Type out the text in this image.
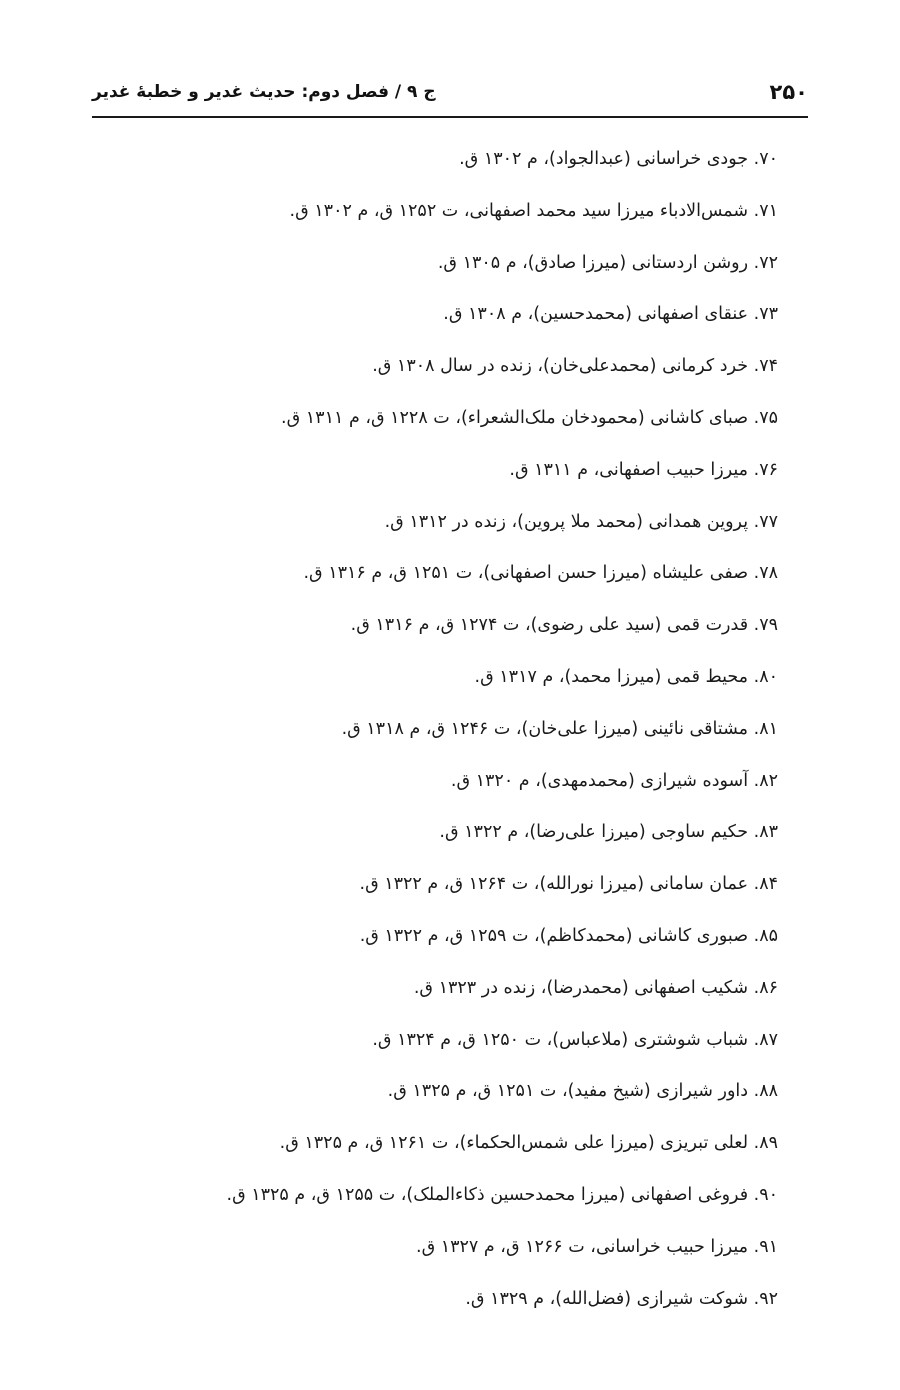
۲۵۰
ج ۹ / فصل دوم: حدیث غدیر و خطبۀ غدیر
۷۰. جودی خراسانی (عبدالجواد)، م ۱۳۰۲ ق.
۷۱. شمس‌الادباء میرزا سید محمد اصفهانی، ت ۱۲۵۲ ق، م ۱۳۰۲ ق.
۷۲. روشن اردستانی (میرزا صادق)، م ۱۳۰۵ ق.
۷۳. عنقای اصفهانی (محمدحسین)، م ۱۳۰۸ ق.
۷۴. خرد کرمانی (محمدعلی‌خان)، زنده در سال ۱۳۰۸ ق.
۷۵. صبای کاشانی (محمودخان ملک‌الشعراء)، ت ۱۲۲۸ ق، م ۱۳۱۱ ق.
۷۶. میرزا حبیب اصفهانی، م ۱۳۱۱ ق.
۷۷. پروین همدانی (محمد ملا پروین)، زنده در ۱۳۱۲ ق.
۷۸. صفی علیشاه (میرزا حسن اصفهانی)، ت ۱۲۵۱ ق، م ۱۳۱۶ ق.
۷۹. قدرت قمی (سید علی رضوی)، ت ۱۲۷۴ ق، م ۱۳۱۶ ق.
۸۰. محیط قمی (میرزا محمد)، م ۱۳۱۷ ق.
۸۱. مشتاقی نائینی (میرزا علی‌خان)، ت ۱۲۴۶ ق، م ۱۳۱۸ ق.
۸۲. آسوده شیرازی (محمدمهدی)، م ۱۳۲۰ ق.
۸۳. حکیم ساوجی (میرزا علی‌رضا)، م ۱۳۲۲ ق.
۸۴. عمان سامانی (میرزا نورالله)، ت ۱۲۶۴ ق، م ۱۳۲۲ ق.
۸۵. صبوری کاشانی (محمدکاظم)، ت ۱۲۵۹ ق، م ۱۳۲۲ ق.
۸۶. شکیب اصفهانی (محمدرضا)، زنده در ۱۳۲۳ ق.
۸۷. شباب شوشتری (ملاعباس)، ت ۱۲۵۰ ق، م ۱۳۲۴ ق.
۸۸. داور شیرازی (شیخ مفید)، ت ۱۲۵۱ ق، م ۱۳۲۵ ق.
۸۹. لعلی تبریزی (میرزا علی شمس‌الحکماء)، ت ۱۲۶۱ ق، م ۱۳۲۵ ق.
۹۰. فروغی اصفهانی (میرزا محمدحسین ذکاءالملک)، ت ۱۲۵۵ ق، م ۱۳۲۵ ق.
۹۱. میرزا حبیب خراسانی، ت ۱۲۶۶ ق، م ۱۳۲۷ ق.
۹۲. شوکت شیرازی (فضل‌الله)، م ۱۳۲۹ ق.
